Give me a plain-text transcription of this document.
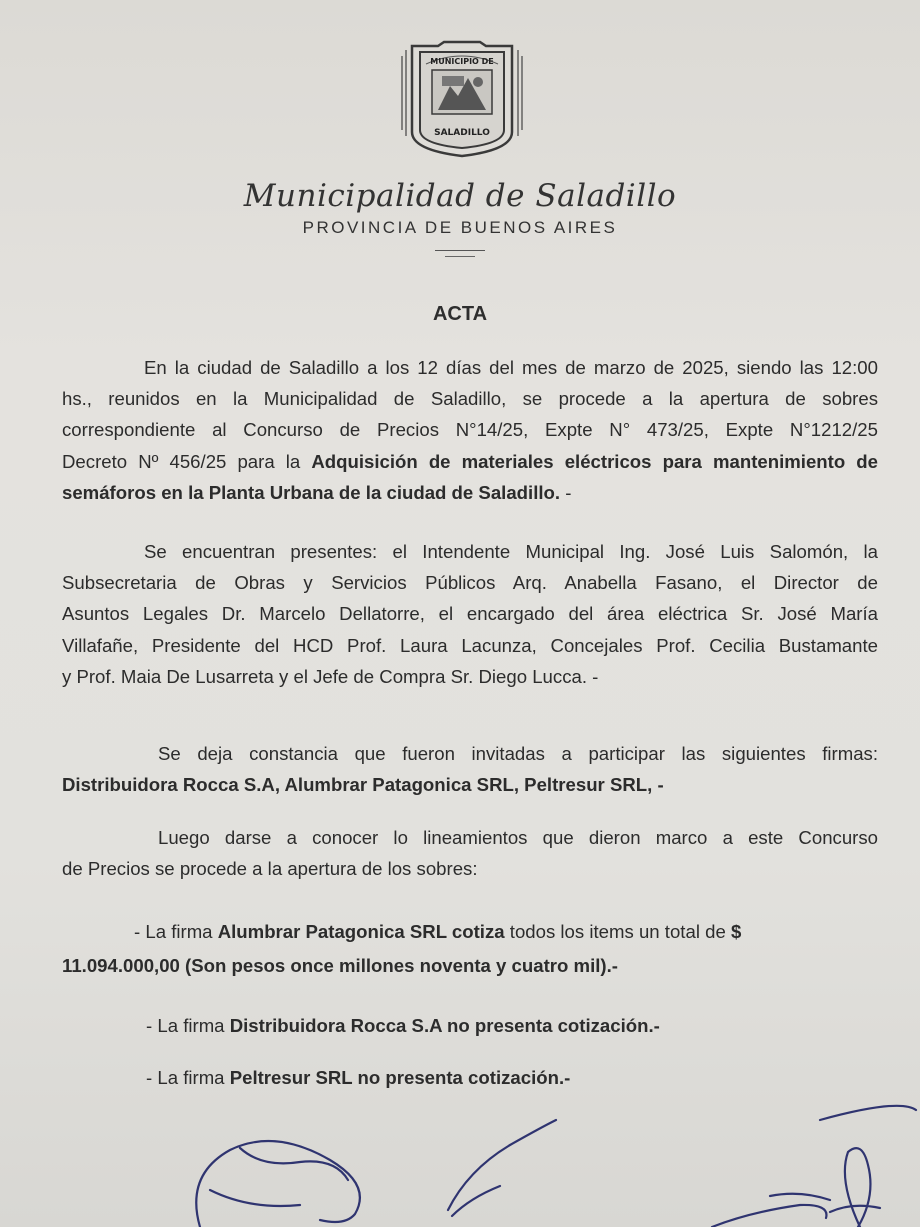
MUNICIPIO DE
SALADILLO
Municipalidad de Saladillo
PROVINCIA DE BUENOS AIRES
ACTA
En la ciudad de Saladillo a los 12 días del mes de marzo de 2025, siendo las 12:00
hs., reunidos en la Municipalidad de Saladillo, se procede a la apertura de sobres
correspondiente al Concurso de Precios N°14/25, Expte N° 473/25, Expte N°1212/25
Decreto Nº 456/25 para la Adquisición de materiales eléctricos para mantenimiento de
semáforos en la Planta Urbana de la ciudad de Saladillo. -
Se encuentran presentes: el Intendente Municipal Ing. José Luis Salomón, la
Subsecretaria de Obras y Servicios Públicos Arq. Anabella Fasano, el Director de
Asuntos Legales Dr. Marcelo Dellatorre, el encargado del área eléctrica Sr. José María
Villafañe, Presidente del HCD Prof. Laura Lacunza, Concejales Prof. Cecilia Bustamante
y Prof. Maia De Lusarreta y el Jefe de Compra Sr. Diego Lucca. -
Se deja constancia que fueron invitadas a participar las siguientes firmas:
Distribuidora Rocca S.A, Alumbrar Patagonica SRL, Peltresur SRL, -
Luego darse a conocer lo lineamientos que dieron marco a este Concurso
de Precios se procede a la apertura de los sobres:
- La firma Alumbrar Patagonica SRL cotiza todos los items un total de $
11.094.000,00 (Son pesos once millones noventa y cuatro mil).-
- La firma Distribuidora Rocca S.A no presenta cotización.-
- La firma Peltresur SRL no presenta cotización.-
